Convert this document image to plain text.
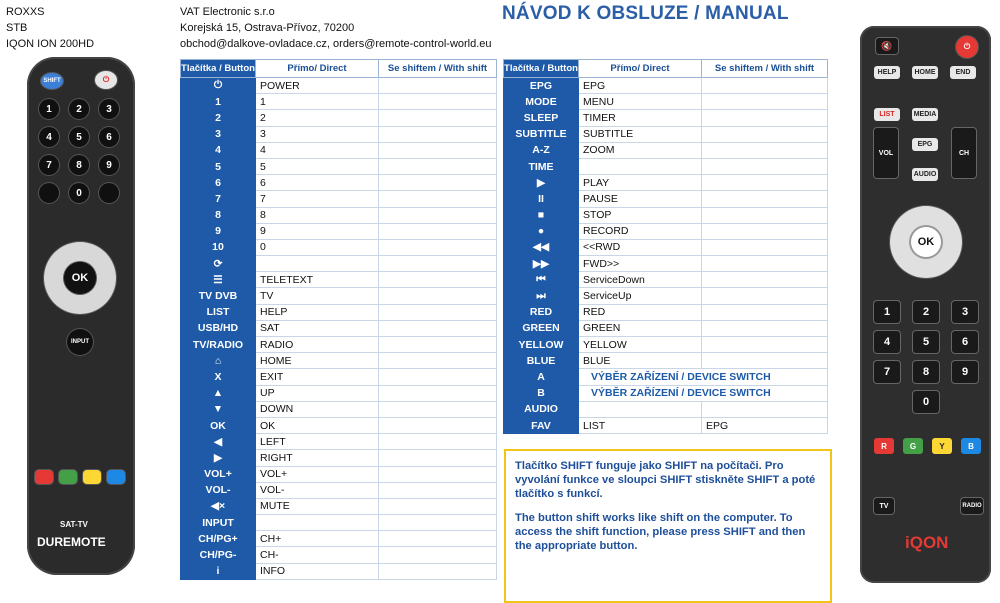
ROXXS
STB
IQON ION 200HD
VAT Electronic s.r.o
Korejská 15, Ostrava-Přívoz, 70200
obchod@dalkove-ovladace.cz, orders@remote-control-world.eu
NÁVOD K OBSLUZE / MANUAL
Tlačítka / Button	Přímo/ Direct	Se shiftem / With shift
⏻	POWER	
1	1	
2	2	
3	3	
4	4	
5	5	
6	6	
7	7	
8	8	
9	9	
10	0	
⟳		
☰	TELETEXT	
TV DVB	TV	
LIST	HELP	
USB/HD	SAT	
TV/RADIO	RADIO	
⌂	HOME	
X	EXIT	
▲	UP	
▼	DOWN	
OK	OK	
◀	LEFT	
▶	RIGHT	
VOL+	VOL+	
VOL-	VOL-	
◀×	MUTE	
INPUT		
CH/PG+	CH+	
CH/PG-	CH-	
i	INFO	
Tlačítka / Button	Přímo/ Direct	Se shiftem / With shift
EPG	EPG	
MODE	MENU	
SLEEP	TIMER	
SUBTITLE	SUBTITLE	
A-Z	ZOOM	
TIME		
▶	PLAY	
II	PAUSE	
■	STOP	
●	RECORD	
◀◀	<<RWD	
▶▶	FWD>>	
⏮	ServiceDown	
⏭	ServiceUp	
RED	RED	
GREEN	GREEN	
YELLOW	YELLOW	
BLUE	BLUE	
A	VÝBĚR ZAŘÍZENÍ / DEVICE SWITCH	
B	VÝBĚR ZAŘÍZENÍ / DEVICE SWITCH	
AUDIO		
FAV	LIST	EPG

Tlačítko SHIFT funguje jako SHIFT na počítači. Pro vyvolání funkce ve sloupci SHIFT stiskněte SHIFT a poté tlačítko s funkcí.

The button shift works like shift on the computer. To access the shift function, please press SHIFT and then the appropriate button.

SHIFT	⏻
1	2	3
4	5	6
7	8	9
0
OK
INPUT
SAT-TV
DUREMOTE
🔇	⏻
HELP	HOME	END
LIST	MEDIA
EPG
AUDIO
VOL	CH
OK
1	2	3
4	5	6
7	8	9
0
R	G	Y	B
TV	RADIO
iQON
